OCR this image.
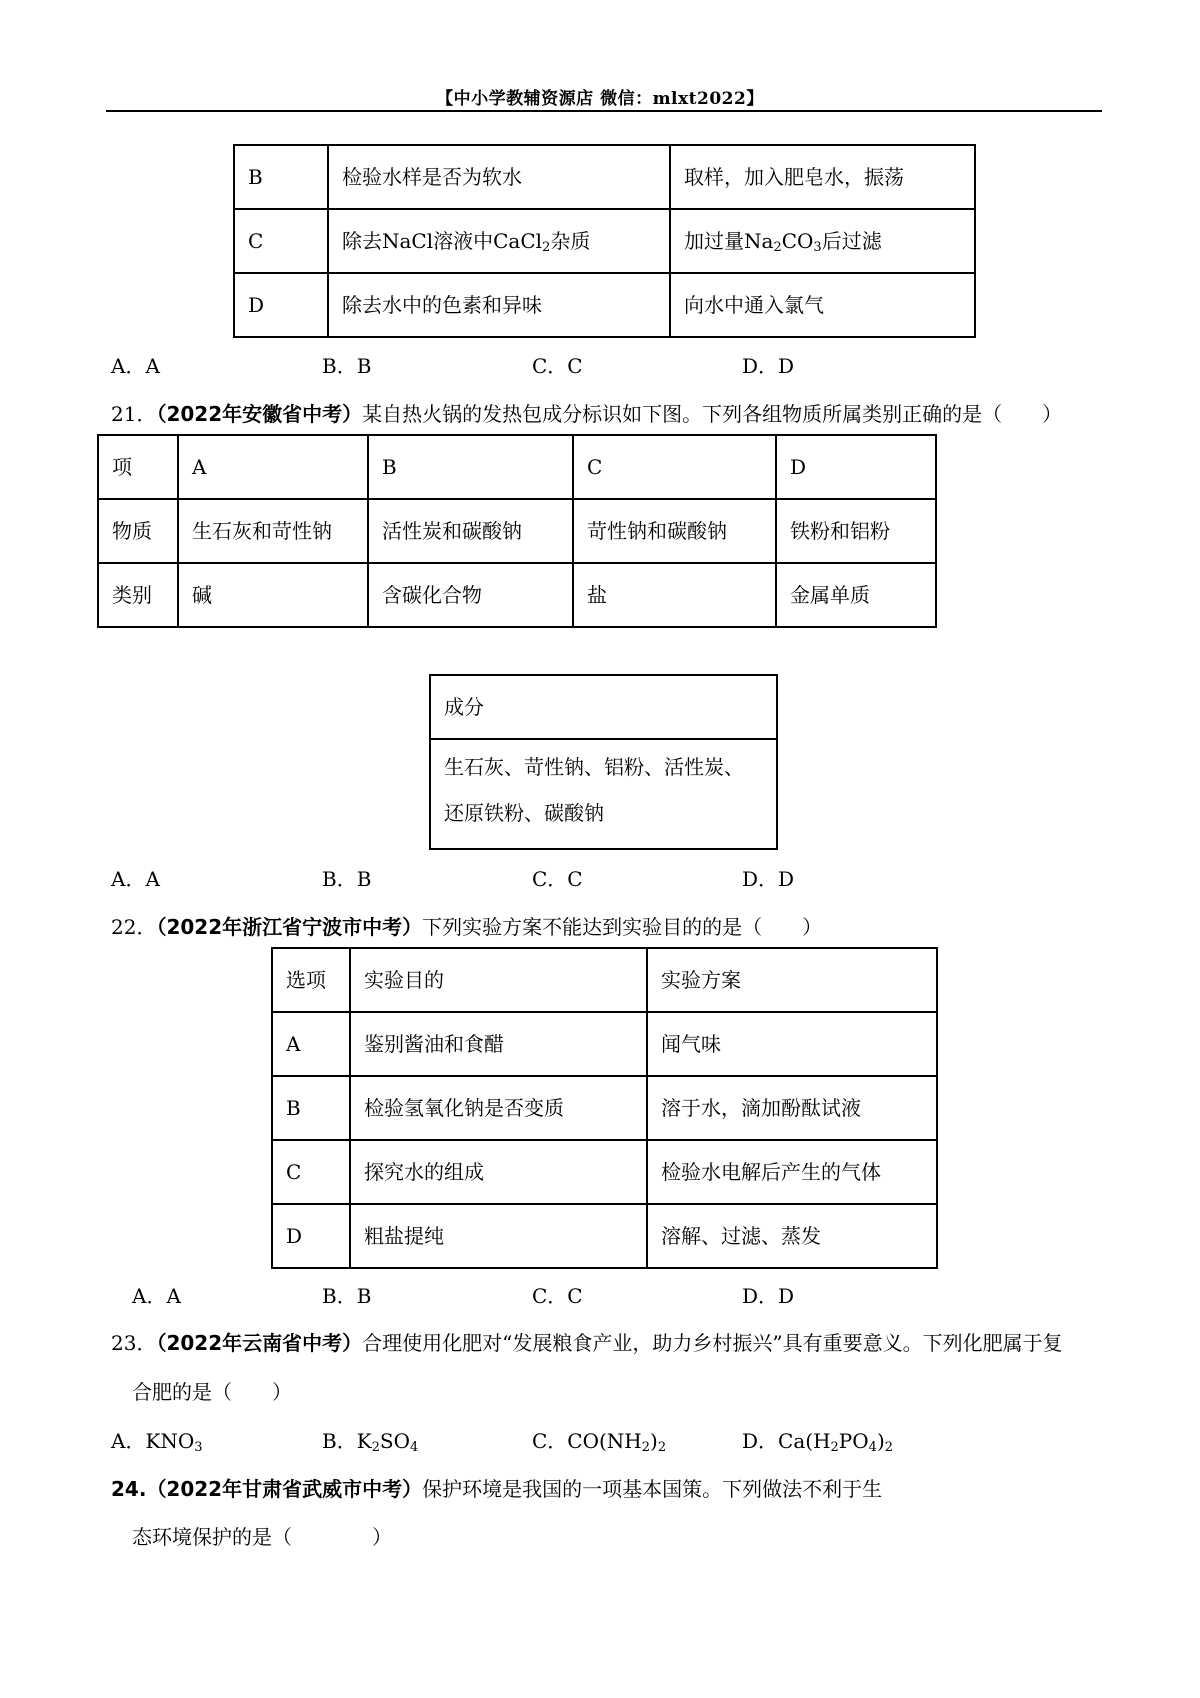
【中小学教辅资源店 微信：mlxt2022】
B	检验水样是否为软水	取样，加入肥皂水，振荡
C	除去NaCl溶液中CaCl$_2$杂质	加过量$Na_2CO_3$后过滤
D	除去水中的色素和异味	向水中通入氯气
A．A	B．B	C．C	D．D
21．（2022年安徽省中考）某自热火锅的发热包成分标识如下图。下列各组物质所属类别正确的是（　　）
项	A	B	C	D
物质	生石灰和苛性钠	活性炭和碳酸钠	苛性钠和碳酸钠	铁粉和铝粉
类别	碱	含碳化合物	盐	金属单质
成分

生石灰、苛性钠、铝粉、活性炭、
还原铁粉、碳酸钠
A．A	B．B	C．C	D．D
22．（2022年浙江省宁波市中考）下列实验方案不能达到实验目的的是（　　）
选项	实验目的	实验方案
A	鉴别酱油和食醋	闻气味
B	检验氢氧化钠是否变质	溶于水，滴加酚酞试液
C	探究水的组成	检验水电解后产生的气体
D	粗盐提纯	溶解、过滤、蒸发
A．A	B．B	C．C	D．D
23．（2022年云南省中考）合理使用化肥对“发展粮食产业，助力乡村振兴”具有重要意义。下列化肥属于复
合肥的是（　　）
A．$KNO_3$	B．$K_2SO_4$	C．$CO(NH_2)_2$	D．$Ca(H_2PO_4)_2$
24.（2022年甘肃省武威市中考）保护环境是我国的一项基本国策。下列做法不利于生
态环境保护的是（　　　　）
